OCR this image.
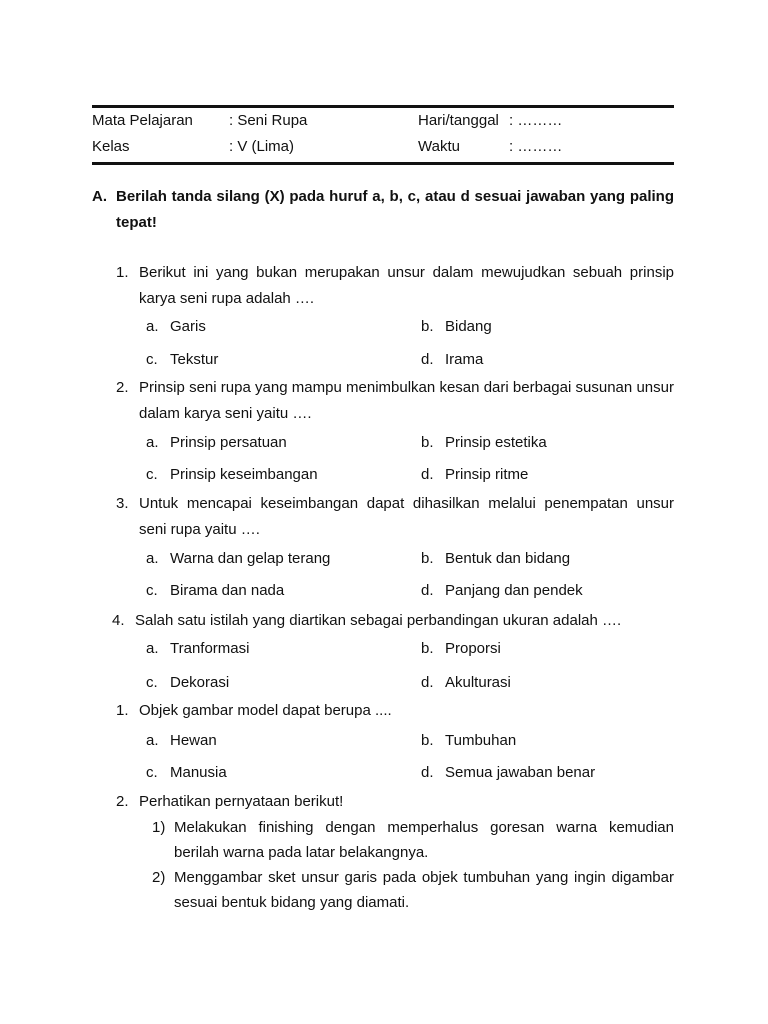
Mata Pelajaran : Seni Rupa	Hari/tanggal : ………
Kelas	: V (Lima)	Waktu	: ………
A. Berilah tanda silang (X) pada huruf a, b, c, atau d sesuai jawaban yang paling tepat!
1. Berikut ini yang bukan merupakan unsur dalam mewujudkan sebuah prinsip karya seni rupa adalah ….
a. Garis	b. Bidang
c. Tekstur	d. Irama
2. Prinsip seni rupa yang mampu menimbulkan kesan dari berbagai susunan unsur dalam karya seni yaitu ….
a. Prinsip persatuan	b. Prinsip estetika
c. Prinsip keseimbangan	d. Prinsip ritme
3. Untuk mencapai keseimbangan dapat dihasilkan melalui penempatan unsur seni rupa yaitu ….
a. Warna dan gelap terang	b. Bentuk dan bidang
c. Birama dan nada	d. Panjang dan pendek
4. Salah satu istilah yang diartikan sebagai perbandingan ukuran adalah ….
a. Tranformasi	b. Proporsi
c. Dekorasi	d. Akulturasi
1. Objek gambar model dapat berupa ....
a. Hewan	b. Tumbuhan
c. Manusia	d. Semua jawaban benar
2. Perhatikan pernyataan berikut!
1) Melakukan finishing dengan memperhalus goresan warna kemudian berilah warna pada latar belakangnya.
2) Menggambar sket unsur garis pada objek tumbuhan yang ingin digambar sesuai bentuk bidang yang diamati.
